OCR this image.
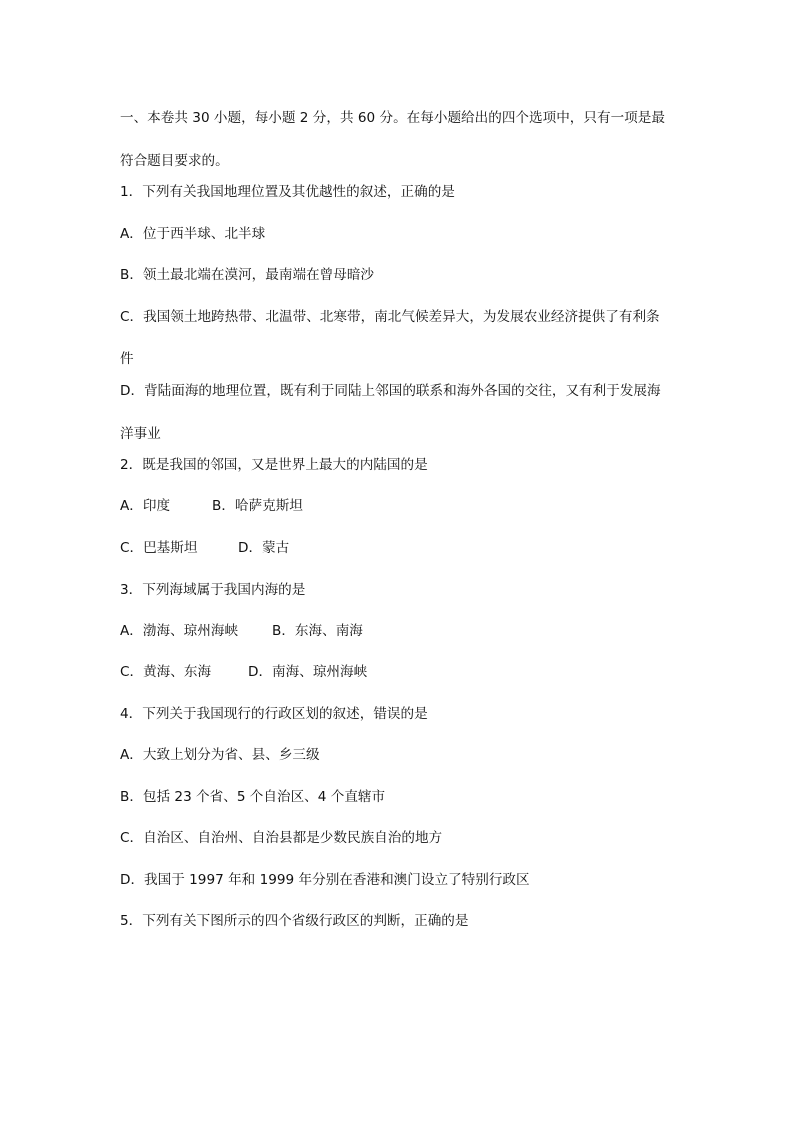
一、本卷共 30 小题，每小题 2 分，共 60 分。在每小题给出的四个选项中，只有一项是最
符合题目要求的。
1．下列有关我国地理位置及其优越性的叙述，正确的是
A．位于西半球、北半球
B．领土最北端在漠河，最南端在曾母暗沙
C．我国领土地跨热带、北温带、北寒带，南北气候差异大，为发展农业经济提供了有利条
件
D．背陆面海的地理位置，既有利于同陆上邻国的联系和海外各国的交往，又有利于发展海
洋事业
2．既是我国的邻国，又是世界上最大的内陆国的是
A．印度	B．哈萨克斯坦
C．巴基斯坦	D．蒙古
3．下列海域属于我国内海的是
A．渤海、琼州海峡 B．东海、南海
C．黄海、东海	D．南海、琼州海峡
4．下列关于我国现行的行政区划的叙述，错误的是
A．大致上划分为省、县、乡三级
B．包括 23 个省、5 个自治区、4 个直辖市
C．自治区、自治州、自治县都是少数民族自治的地方
D．我国于 1997 年和 1999 年分别在香港和澳门设立了特别行政区
5．下列有关下图所示的四个省级行政区的判断，正确的是
